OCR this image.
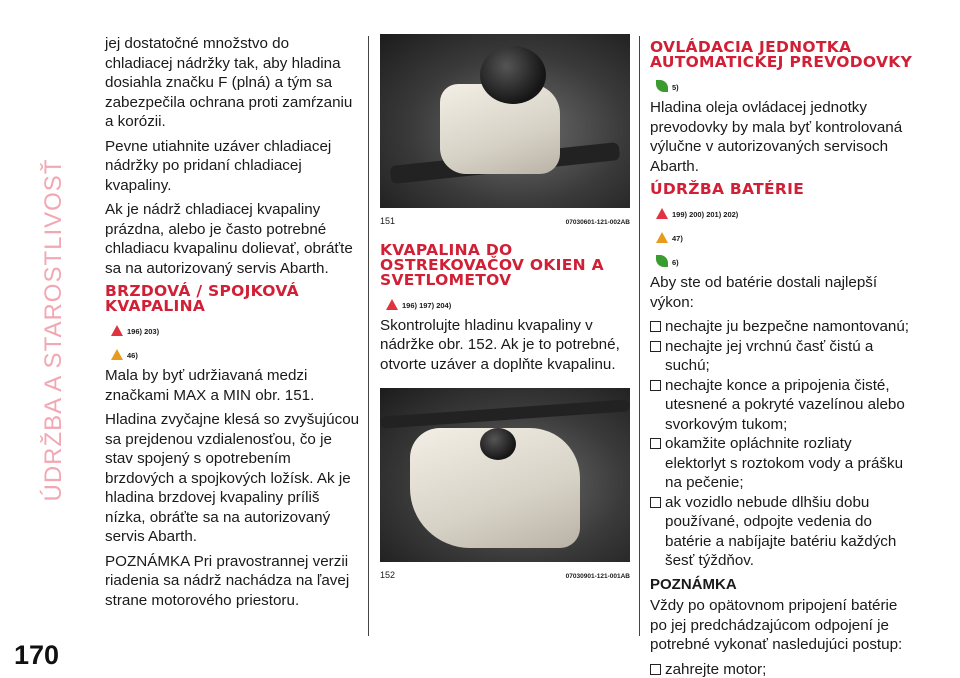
ÚDRŽBA A STAROSTLIVOSŤ
170

jej dostatočné množstvo do chladiacej nádržky tak, aby hladina dosiahla značku F (plná) a tým sa zabezpečila ochrana proti zamŕzaniu a korózii.

Pevne utiahnite uzáver chladiacej nádržky po pridaní chladiacej kvapaliny.

Ak je nádrž chladiacej kvapaliny prázdna, alebo je často potrebné chladiacu kvapalinu dolievať, obráťte sa na autorizovaný servis Abarth.

BRZDOVÁ / SPOJKOVÁ KVAPALINA
196) 203)
46)

Mala by byť udržiavaná medzi značkami MAX a MIN obr. 151.

Hladina zvyčajne klesá so zvyšujúcou sa prejdenou vzdialenosťou, čo je stav spojený s opotrebením brzdových a spojkových ložísk. Ak je hladina brzdovej kvapaliny príliš nízka, obráťte sa na autorizovaný servis Abarth.

POZNÁMKA Pri pravostrannej verzii riadenia sa nádrž nachádza na ľavej strane motorového priestoru.

151	07030601-121-002AB
KVAPALINA DO OSTREKOVAČOV OKIEN A SVETLOMETOV
196) 197) 204)

Skontrolujte hladinu kvapaliny v nádržke obr. 152. Ak je to potrebné, otvorte uzáver a doplňte kvapalinu.

152	07030901-121-001AB
OVLÁDACIA JEDNOTKA AUTOMATICKEJ PREVODOVKY
5)

Hladina oleja ovládacej jednotky prevodovky by mala byť kontrolovaná výlučne v autorizovaných servisoch Abarth.

ÚDRŽBA BATÉRIE
199) 200) 201) 202)
47)
6)

Aby ste od batérie dostali najlepší výkon:

nechajte ju bezpečne namontovanú;
nechajte jej vrchnú časť čistú a suchú;
nechajte konce a pripojenia čisté, utesnené a pokryté vazelínou alebo svorkovým tukom;
okamžite opláchnite rozliaty elektorlyt s roztokom vody a prášku na pečenie;
ak vozidlo nebude dlhšiu dobu používané, odpojte vedenia do batérie a nabíjajte batériu každých šesť týždňov.
POZNÁMKA

Vždy po opätovnom pripojení batérie po jej predchádzajúcom odpojení je potrebné vykonať nasledujúci postup:

zahrejte motor;
